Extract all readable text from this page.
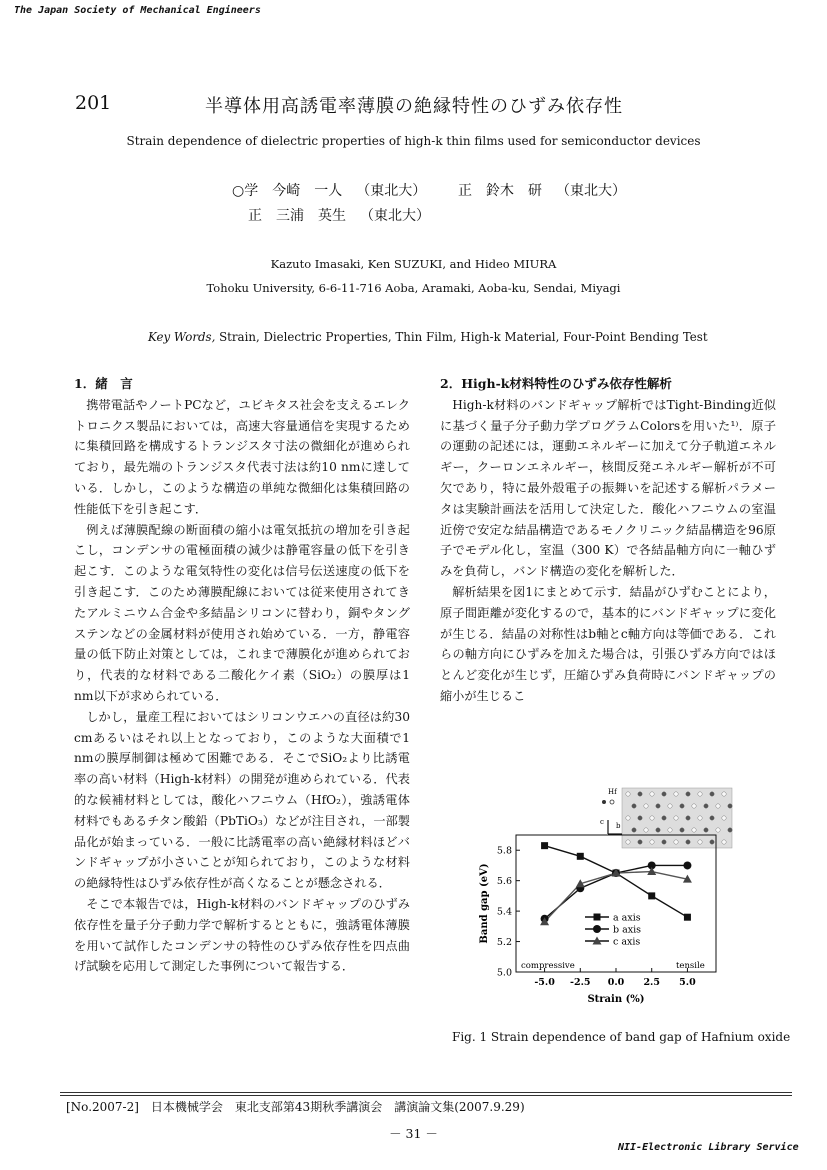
The Japan Society of Mechanical Engineers
201	半導体用高誘電率薄膜の絶縁特性のひずみ依存性
Strain dependence of dielectric properties of high-k thin films used for semiconductor devices
○学 今崎　一人 （東北大）	正 鈴木　研 （東北大）
正 三浦　英生 （東北大）
Kazuto Imasaki, Ken SUZUKI, and Hideo MIURA
Tohoku University, 6-6-11-716 Aoba, Aramaki, Aoba-ku, Sendai, Miyagi
Key Words, Strain, Dielectric Properties, Thin Film, High-k Material, Four-Point Bending Test
1．緒　言

携帯電話やノートPCなど，ユビキタス社会を支えるエレクトロニクス製品においては，高速大容量通信を実現するために集積回路を構成するトランジスタ寸法の微細化が進められており，最先端のトランジスタ代表寸法は約10 nmに達している．しかし，このような構造の単純な微細化は集積回路の性能低下を引き起こす．

例えば薄膜配線の断面積の縮小は電気抵抗の増加を引き起こし，コンデンサの電極面積の減少は静電容量の低下を引き起こす．このような電気特性の変化は信号伝送速度の低下を引き起こす．このため薄膜配線においては従来使用されてきたアルミニウム合金や多結晶シリコンに替わり，銅やタングステンなどの金属材料が使用され始めている．一方，静電容量の低下防止対策としては，これまで薄膜化が進められており，代表的な材料である二酸化ケイ素（SiO₂）の膜厚は1 nm以下が求められている．

しかし，量産工程においてはシリコンウエハの直径は約30 cmあるいはそれ以上となっており，このような大面積で1 nmの膜厚制御は極めて困難である．そこでSiO₂より比誘電率の高い材料（High-k材料）の開発が進められている．代表的な候補材料としては，酸化ハフニウム（HfO₂），強誘電体材料でもあるチタン酸鉛（PbTiO₃）などが注目され，一部製品化が始まっている．一般に比誘電率の高い絶縁材料ほどバンドギャップが小さいことが知られており，このような材料の絶縁特性はひずみ依存性が高くなることが懸念される．

そこで本報告では，High-k材料のバンドギャップのひずみ依存性を量子分子動力学で解析するとともに，強誘電体薄膜を用いて試作したコンデンサの特性のひずみ依存性を四点曲げ試験を応用して測定した事例について報告する．

2．High-k材料特性のひずみ依存性解析

High-k材料のバンドギャップ解析ではTight-Binding近似に基づく量子分子動力学プログラムColorsを用いた¹⁾．原子の運動の記述には，運動エネルギーに加えて分子軌道エネルギー，クーロンエネルギー，核間反発エネルギー解析が不可欠であり，特に最外殻電子の振舞いを記述する解析パラメータは実験計画法を活用して決定した．酸化ハフニウムの室温近傍で安定な結晶構造であるモノクリニック結晶構造を96原子でモデル化し，室温（300 K）で各結晶軸方向に一軸ひずみを負荷し，バンド構造の変化を解析した．

解析結果を図1にまとめて示す．結晶がひずむことにより，原子間距離が変化するので，基本的にバンドギャップに変化が生じる．結晶の対称性はb軸とc軸方向は等価である．これらの軸方向にひずみを加えた場合は，引張ひずみ方向ではほとんど変化が生じず，圧縮ひずみ負荷時にバンドギャップの縮小が生じるこ

Hf
c b
5.0
5.2
5.4
5.6
5.8
-5.0 -2.5 0.0 2.5 5.0
compressive	tensile
a axis
b axis
c axis
Strain (%)
Band gap (eV)
Fig. 1 Strain dependence of band gap of Hafnium oxide
[No.2007-2]　日本機械学会　東北支部第43期秋季講演会　講演論文集(2007.9.29)
－ 31 －
NII-Electronic Library Service
